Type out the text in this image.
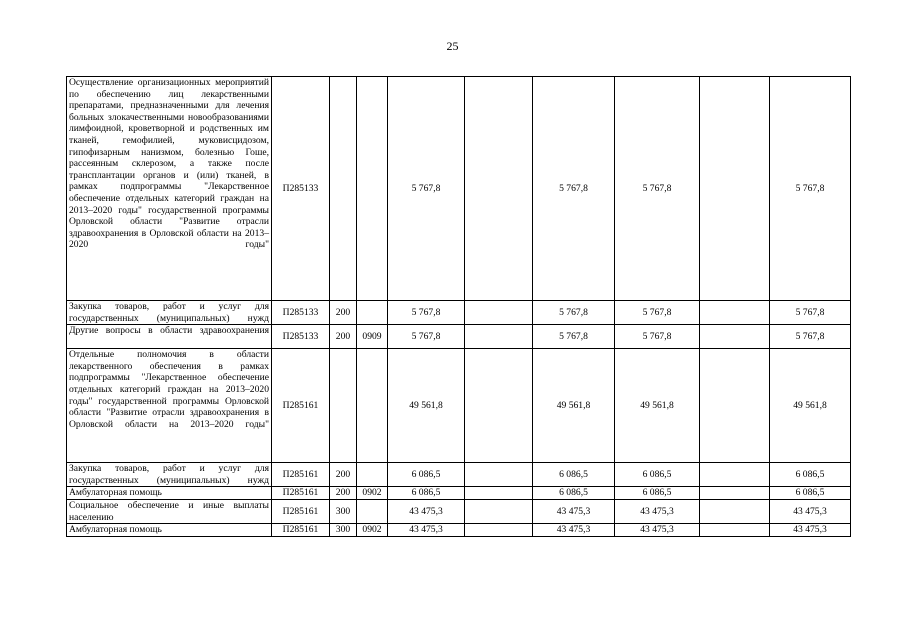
25
Осуществление организационных мероприятий по обеспечению лиц лекарственными препаратами, предназначенными для лечения больных злокачественными новообразованиями лимфоидной, кроветворной и родственных им тканей, гемофилией, муковисцидозом, гипофизарным нанизмом, болезнью Гоше, рассеянным склерозом, а также после трансплантации органов и (или) тканей, в рамках подпрограммы "Лекарственное обеспечение отдельных категорий граждан на 2013–2020 годы" государственной программы Орловской области "Развитие отрасли здравоохранения в Орловской области на 2013–2020 годы"	П285133			5 767,8		5 767,8	5 767,8		5 767,8
Закупка товаров, работ и услуг для государственных (муниципальных) нужд	П285133	200		5 767,8		5 767,8	5 767,8		5 767,8
Другие вопросы в области здравоохранения	П285133	200	0909	5 767,8		5 767,8	5 767,8		5 767,8
Отдельные полномочия в области лекарственного обеспечения в рамках подпрограммы "Лекарственное обеспечение отдельных категорий граждан на 2013–2020 годы" государственной программы Орловской области "Развитие отрасли здравоохранения в Орловской области на 2013–2020 годы"	П285161			49 561,8		49 561,8	49 561,8		49 561,8
Закупка товаров, работ и услуг для государственных (муниципальных) нужд	П285161	200		6 086,5		6 086,5	6 086,5		6 086,5
Амбулаторная помощь	П285161	200	0902	6 086,5		6 086,5	6 086,5		6 086,5
Социальное обеспечение и иные выплаты населению	П285161	300		43 475,3		43 475,3	43 475,3		43 475,3
Амбулаторная помощь	П285161	300	0902	43 475,3		43 475,3	43 475,3		43 475,3
